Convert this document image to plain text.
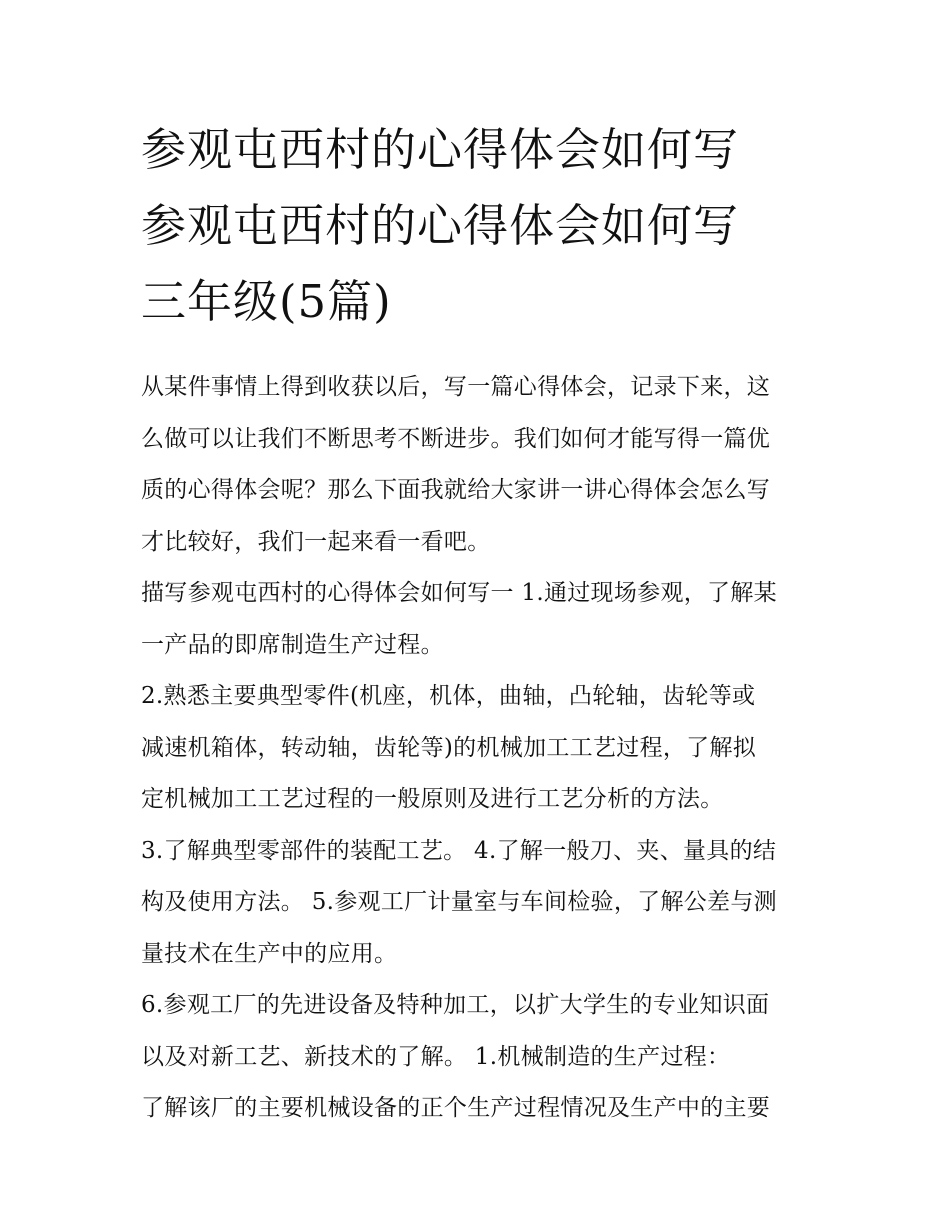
参观屯西村的心得体会如何写
参观屯西村的心得体会如何写
三年级(5篇)

从某件事情上得到收获以后，写一篇心得体会，记录下来，这
么做可以让我们不断思考不断进步。我们如何才能写得一篇优
质的心得体会呢？那么下面我就给大家讲一讲心得体会怎么写
才比较好，我们一起来看一看吧。

描写参观屯西村的心得体会如何写一 1.通过现场参观，了解某
一产品的即席制造生产过程。

2.熟悉主要典型零件(机座，机体，曲轴，凸轮轴，齿轮等或
减速机箱体，转动轴，齿轮等)的机械加工工艺过程，了解拟
定机械加工工艺过程的一般原则及进行工艺分析的方法。

3.了解典型零部件的装配工艺。 4.了解一般刀、夹、量具的结
构及使用方法。 5.参观工厂计量室与车间检验，了解公差与测
量技术在生产中的应用。

6.参观工厂的先进设备及特种加工，以扩大学生的专业知识面
以及对新工艺、新技术的了解。 1.机械制造的生产过程：

了解该厂的主要机械设备的正个生产过程情况及生产中的主要
